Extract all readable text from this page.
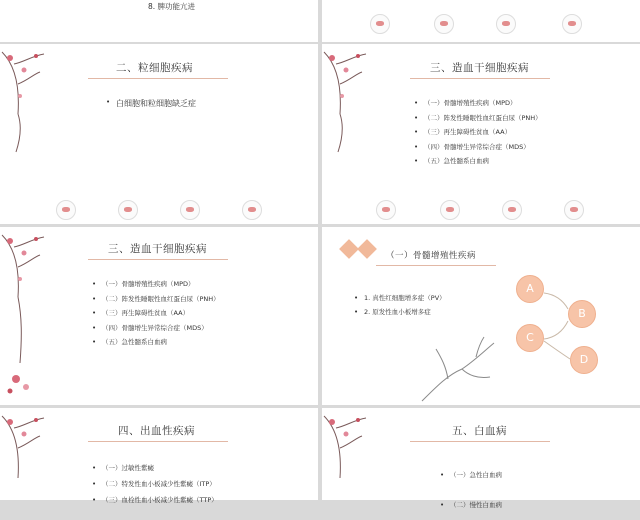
8. 脾功能亢进
二、粒细胞疾病
• 白细胞和粒细胞缺乏症
三、造血干细胞疾病
• （一）骨髓增殖性疾病（MPD）
• （二）阵发性睡眠性血红蛋白尿（PNH）
• （三）再生障碍性贫血（AA）
• （四）骨髓增生异常综合症（MDS）
• （五）急性髓系白血病
三、造血干细胞疾病
• （一）骨髓增殖性疾病（MPD）
• （二）阵发性睡眠性血红蛋白尿（PNH）
• （三）再生障碍性贫血（AA）
• （四）骨髓增生异常综合症（MDS）
• （五）急性髓系白血病
（一）骨髓增殖性疾病
• 1. 真性红细胞增多症（PV）
• 2. 原发性血小板增多症
A
B
C
D
四、出血性疾病
• （一）过敏性紫癜
• （二）特发性血小板减少性紫癜（ITP）
• （三）血栓性血小板减少性紫癜（TTP）
五、白血病
• （一）急性白血病
• （二）慢性白血病
